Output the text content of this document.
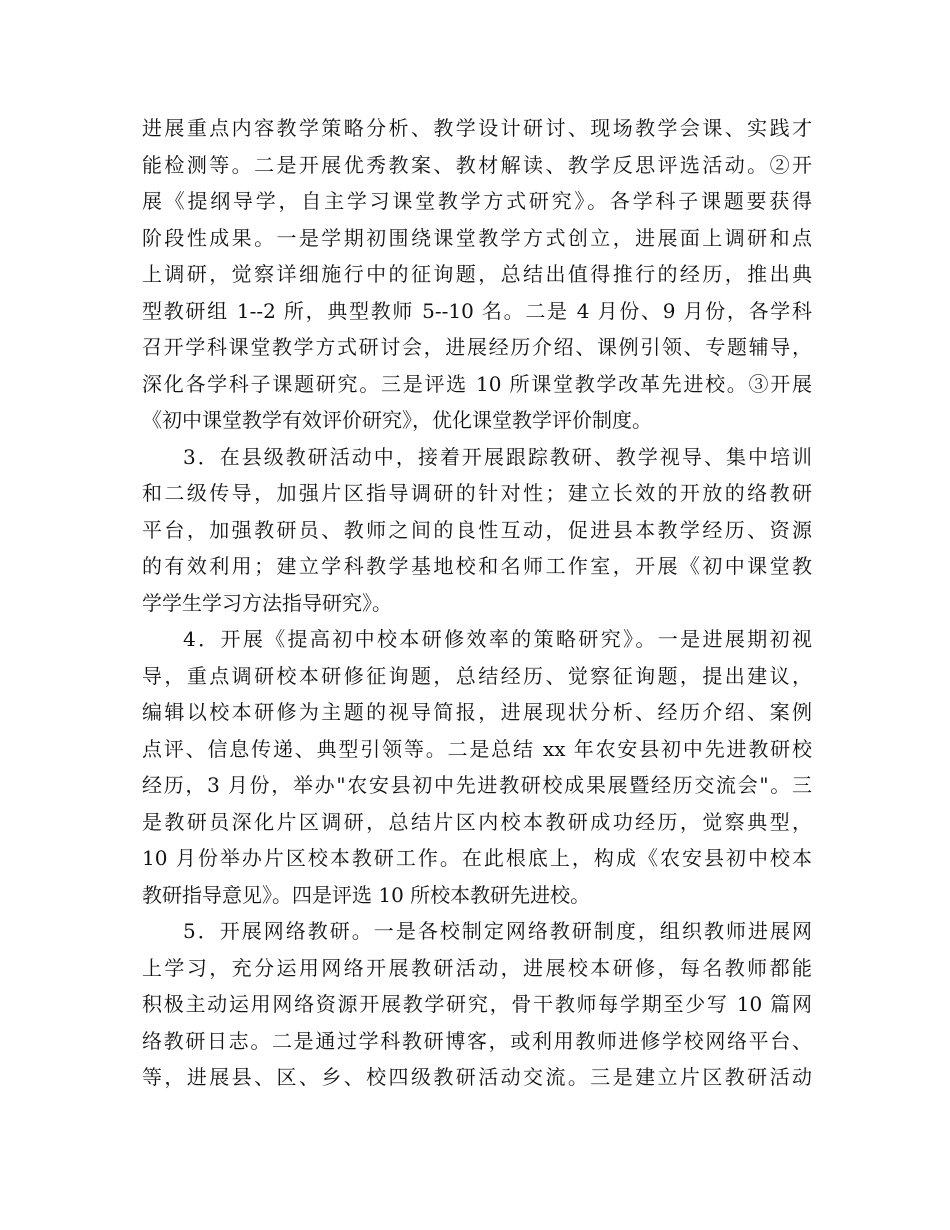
进展重点内容教学策略分析、教学设计研讨、现场教学会课、实践才
能检测等。二是开展优秀教案、教材解读、教学反思评选活动。②开
展《提纲导学，自主学习课堂教学方式研究》。各学科子课题要获得
阶段性成果。一是学期初围绕课堂教学方式创立，进展面上调研和点
上调研，觉察详细施行中的征询题，总结出值得推行的经历，推出典
型教研组 1--2 所，典型教师 5--10 名。二是 4 月份、9 月份，各学科
召开学科课堂教学方式研讨会，进展经历介绍、课例引领、专题辅导，
深化各学科子课题研究。三是评选 10 所课堂教学改革先进校。③开展
《初中课堂教学有效评价研究》，优化课堂教学评价制度。
3．在县级教研活动中，接着开展跟踪教研、教学视导、集中培训
和二级传导，加强片区指导调研的针对性；建立长效的开放的络教研
平台，加强教研员、教师之间的良性互动，促进县本教学经历、资源
的有效利用；建立学科教学基地校和名师工作室，开展《初中课堂教
学学生学习方法指导研究》。
4．开展《提高初中校本研修效率的策略研究》。一是进展期初视
导，重点调研校本研修征询题，总结经历、觉察征询题，提出建议，
编辑以校本研修为主题的视导简报，进展现状分析、经历介绍、案例
点评、信息传递、典型引领等。二是总结 xx 年农安县初中先进教研校
经历，3 月份，举办"农安县初中先进教研校成果展暨经历交流会"。三
是教研员深化片区调研，总结片区内校本教研成功经历，觉察典型，
10 月份举办片区校本教研工作。在此根底上，构成《农安县初中校本
教研指导意见》。四是评选 10 所校本教研先进校。
5．开展网络教研。一是各校制定网络教研制度，组织教师进展网
上学习，充分运用网络开展教研活动，进展校本研修，每名教师都能
积极主动运用网络资源开展教学研究，骨干教师每学期至少写 10 篇网
络教研日志。二是通过学科教研博客，或利用教师进修学校网络平台、
等，进展县、区、乡、校四级教研活动交流。三是建立片区教研活动
